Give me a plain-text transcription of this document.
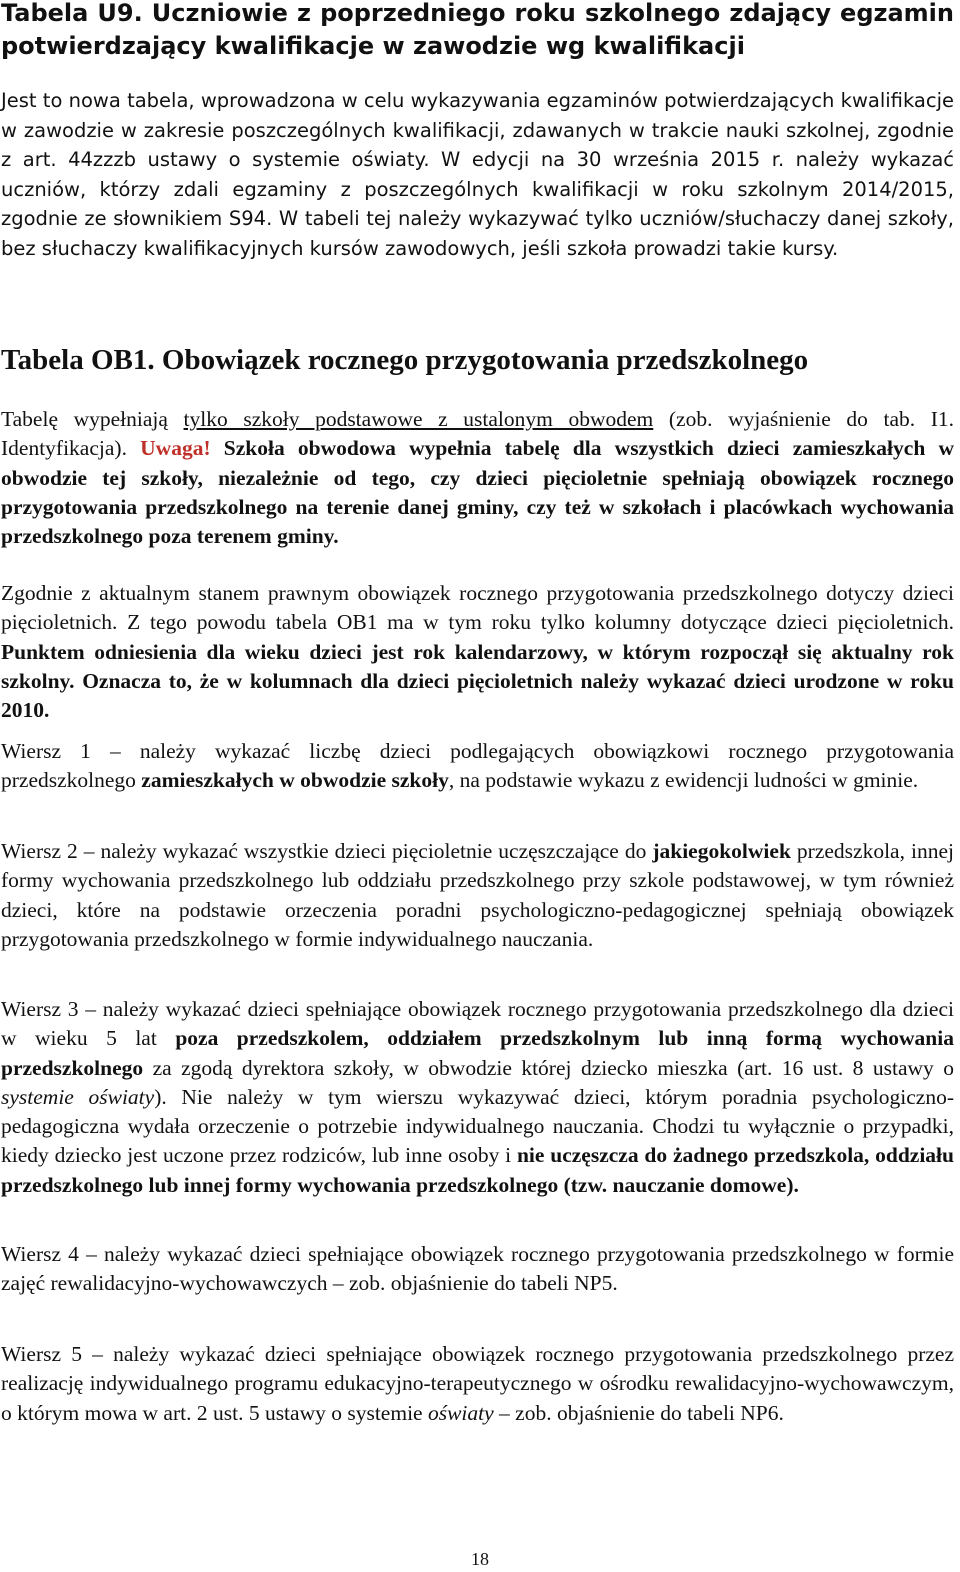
Tabela U9. Uczniowie z poprzedniego roku szkolnego zdający egzamin potwierdzający kwalifikacje w zawodzie wg kwalifikacji

Jest to nowa tabela, wprowadzona w celu wykazywania egzaminów potwierdzających kwalifikacje w zawodzie w zakresie poszczególnych kwalifikacji, zdawanych w trakcie nauki szkolnej, zgodnie z art. 44zzzb ustawy o systemie oświaty. W edycji na 30 września 2015 r. należy wykazać uczniów, którzy zdali egzaminy z poszczególnych kwalifikacji w roku szkolnym 2014/2015, zgodnie ze słownikiem S94. W tabeli tej należy wykazywać tylko uczniów/słuchaczy danej szkoły, bez słuchaczy kwalifikacyjnych kursów zawodowych, jeśli szkoła prowadzi takie kursy.

Tabela OB1. Obowiązek rocznego przygotowania przedszkolnego

Tabelę wypełniają tylko szkoły podstawowe z ustalonym obwodem (zob. wyjaśnienie do tab. I1. Identyfikacja). Uwaga! Szkoła obwodowa wypełnia tabelę dla wszystkich dzieci zamieszkałych w obwodzie tej szkoły, niezależnie od tego, czy dzieci pięcioletnie spełniają obowiązek rocznego przygotowania przedszkolnego na terenie danej gminy, czy też w szkołach i placówkach wychowania przedszkolnego poza terenem gminy.

Zgodnie z aktualnym stanem prawnym obowiązek rocznego przygotowania przedszkolnego dotyczy dzieci pięcioletnich. Z tego powodu tabela OB1 ma w tym roku tylko kolumny dotyczące dzieci pięcioletnich. Punktem odniesienia dla wieku dzieci jest rok kalendarzowy, w którym rozpoczął się aktualny rok szkolny. Oznacza to, że w kolumnach dla dzieci pięcioletnich należy wykazać dzieci urodzone w roku 2010.

Wiersz 1 – należy wykazać liczbę dzieci podlegających obowiązkowi rocznego przygotowania przedszkolnego zamieszkałych w obwodzie szkoły, na podstawie wykazu z ewidencji ludności w gminie.

Wiersz 2 – należy wykazać wszystkie dzieci pięcioletnie uczęszczające do jakiegokolwiek przedszkola, innej formy wychowania przedszkolnego lub oddziału przedszkolnego przy szkole podstawowej, w tym również dzieci, które na podstawie orzeczenia poradni psychologiczno-pedagogicznej spełniają obowiązek przygotowania przedszkolnego w formie indywidualnego nauczania.

Wiersz 3 – należy wykazać dzieci spełniające obowiązek rocznego przygotowania przedszkolnego dla dzieci w wieku 5 lat poza przedszkolem, oddziałem przedszkolnym lub inną formą wychowania przedszkolnego za zgodą dyrektora szkoły, w obwodzie której dziecko mieszka (art. 16 ust. 8 ustawy o systemie oświaty). Nie należy w tym wierszu wykazywać dzieci, którym poradnia psychologiczno-pedagogiczna wydała orzeczenie o potrzebie indywidualnego nauczania. Chodzi tu wyłącznie o przypadki, kiedy dziecko jest uczone przez rodziców, lub inne osoby i nie uczęszcza do żadnego przedszkola, oddziału przedszkolnego lub innej formy wychowania przedszkolnego (tzw. nauczanie domowe).

Wiersz 4 – należy wykazać dzieci spełniające obowiązek rocznego przygotowania przedszkolnego w formie zajęć rewalidacyjno-wychowawczych – zob. objaśnienie do tabeli NP5.

Wiersz 5 – należy wykazać dzieci spełniające obowiązek rocznego przygotowania przedszkolnego przez realizację indywidualnego programu edukacyjno-terapeutycznego w ośrodku rewalidacyjno-wychowawczym, o którym mowa w art. 2 ust. 5 ustawy o systemie oświaty – zob. objaśnienie do tabeli NP6.

18
